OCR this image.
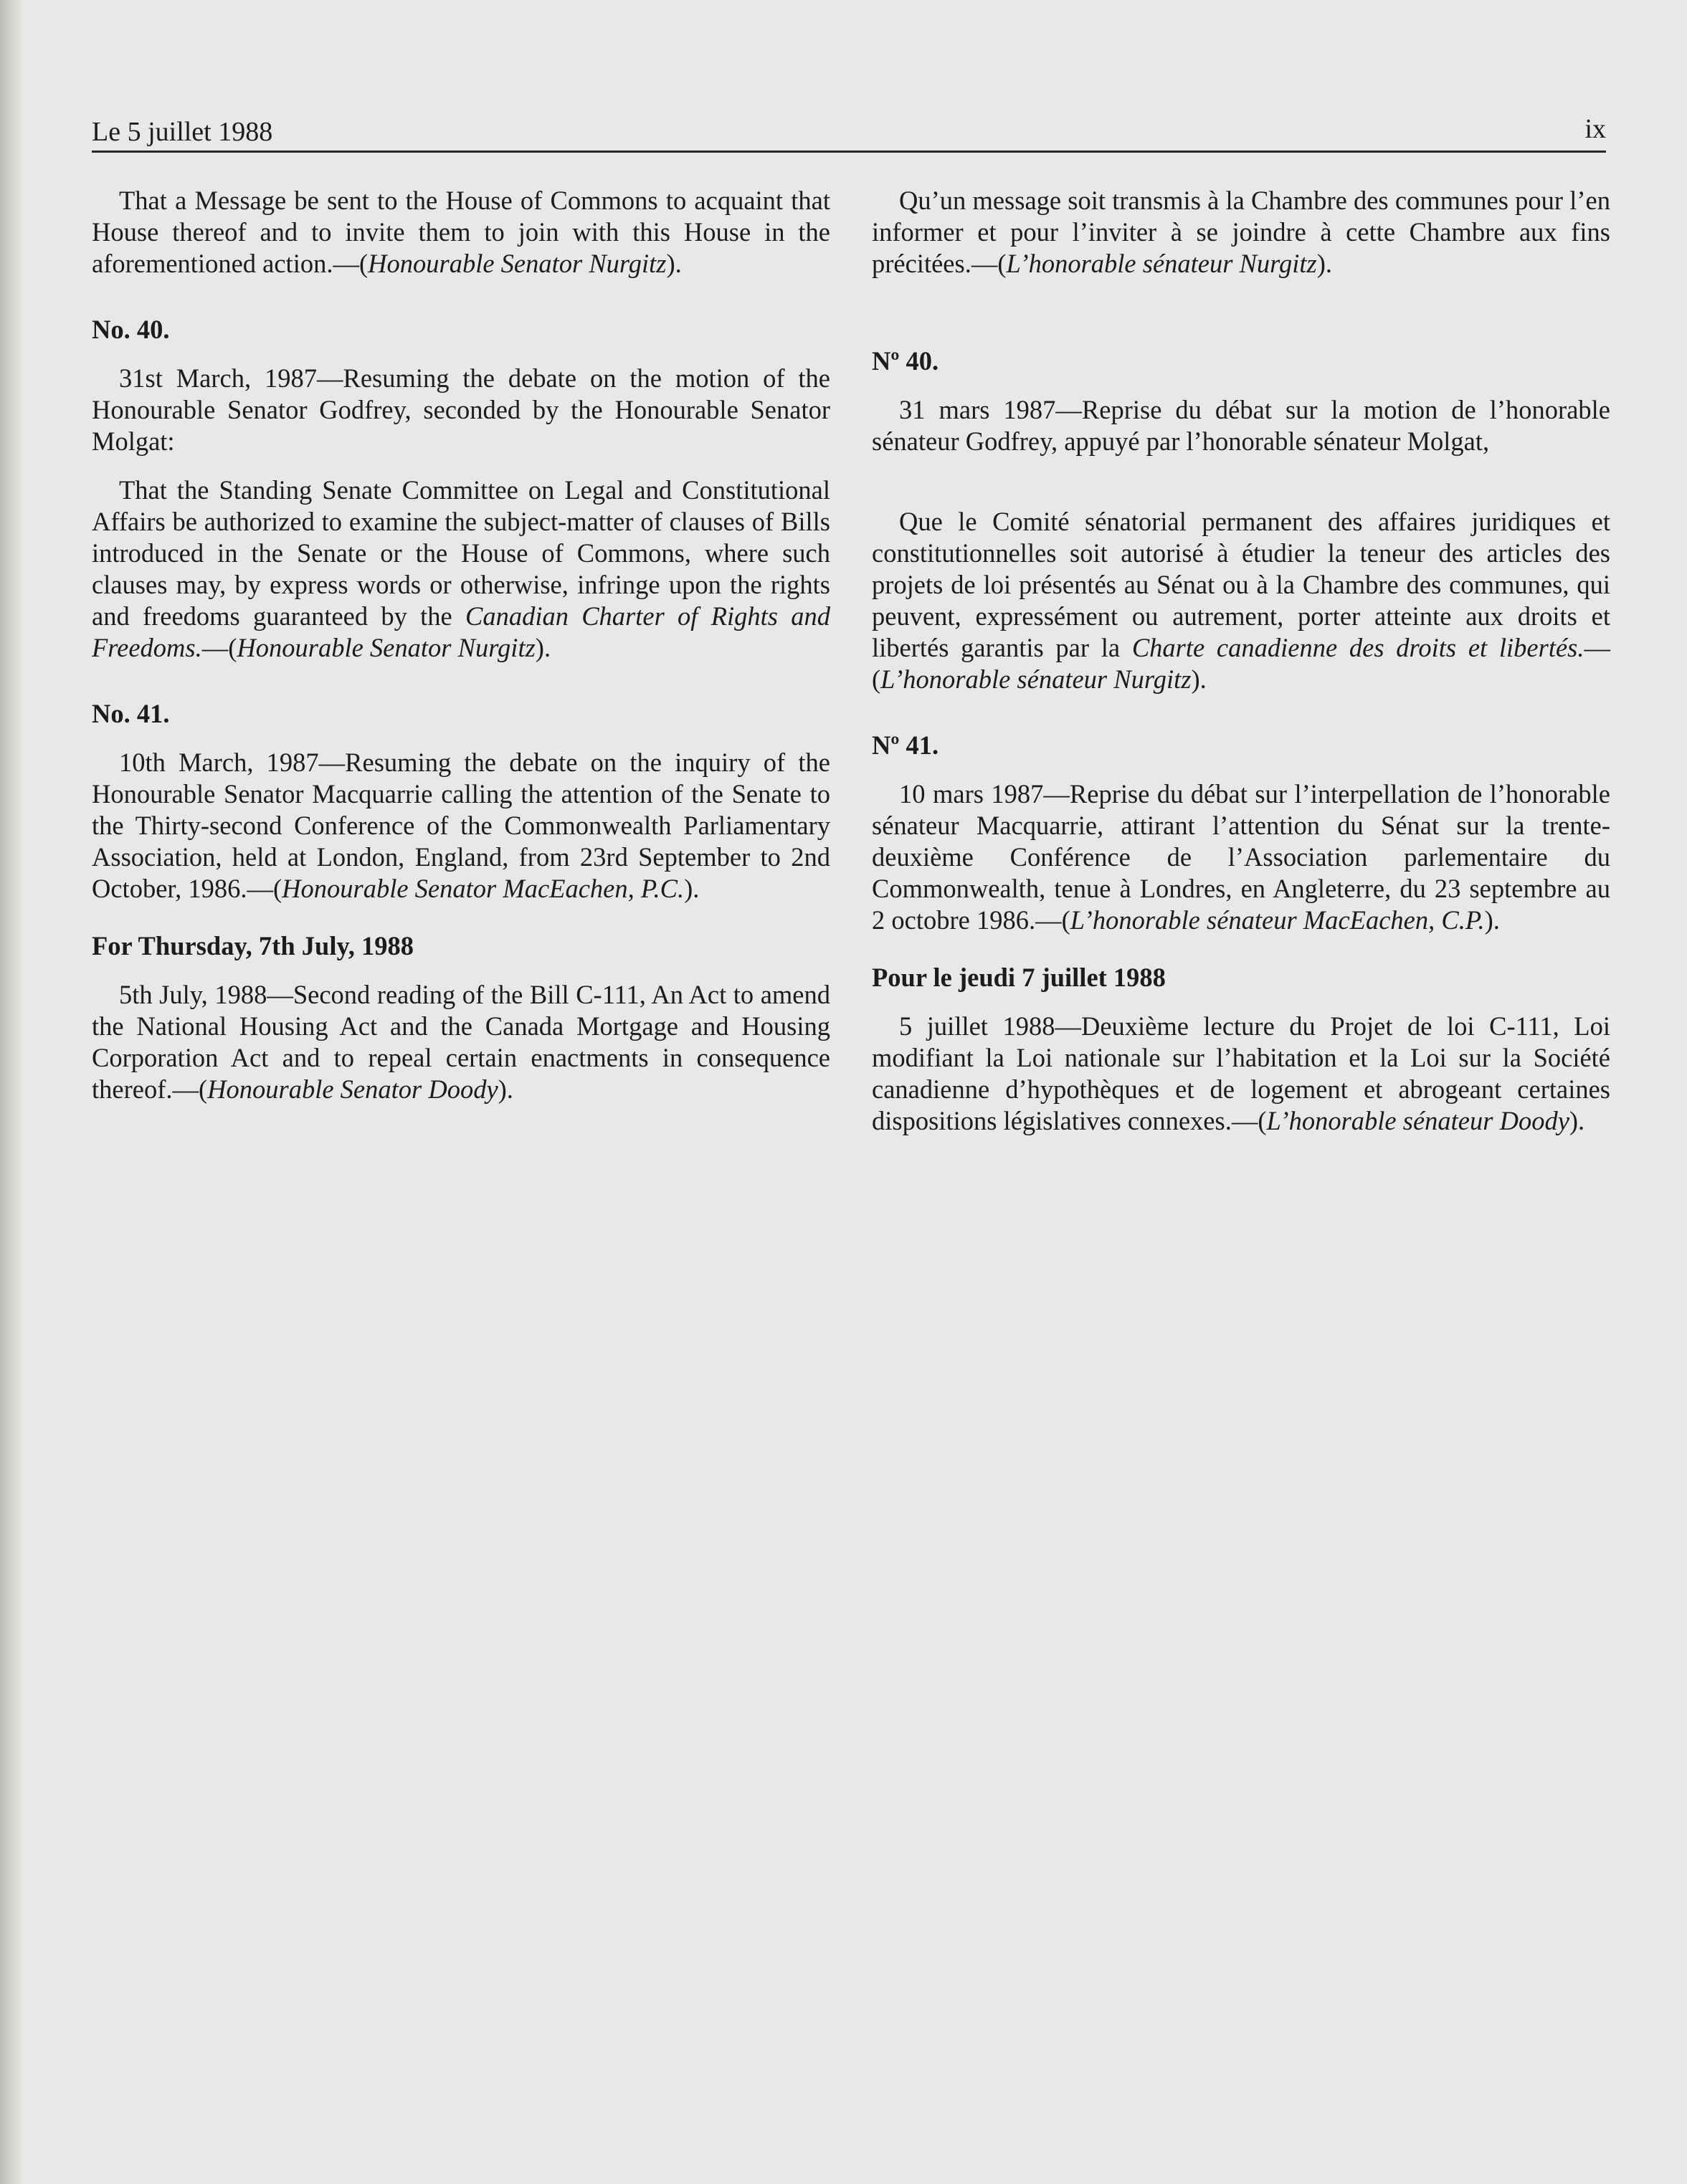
Le 5 juillet 1988	ix

That a Message be sent to the House of Commons to acquaint that House thereof and to invite them to join with this House in the aforementioned action.—(Honourable Senator Nurgitz).

No. 40.

31st March, 1987—Resuming the debate on the motion of the Honourable Senator Godfrey, seconded by the Honourable Senator Molgat:

That the Standing Senate Committee on Legal and Constitutional Affairs be authorized to examine the subject-matter of clauses of Bills introduced in the Senate or the House of Commons, where such clauses may, by express words or otherwise, infringe upon the rights and freedoms guaranteed by the Canadian Charter of Rights and Freedoms.—(Honourable Senator Nurgitz).

No. 41.

10th March, 1987—Resuming the debate on the inquiry of the Honourable Senator Macquarrie calling the attention of the Senate to the Thirty-second Conference of the Commonwealth Parliamentary Association, held at London, England, from 23rd September to 2nd October, 1986.—(Honourable Senator MacEachen, P.C.).

For Thursday, 7th July, 1988

5th July, 1988—Second reading of the Bill C-111, An Act to amend the National Housing Act and the Canada Mortgage and Housing Corporation Act and to repeal certain enactments in consequence thereof.—(Honourable Senator Doody).

Qu’un message soit transmis à la Chambre des communes pour l’en informer et pour l’inviter à se joindre à cette Chambre aux fins précitées.—(L’honorable sénateur Nurgitz).

Nº 40.

31 mars 1987—Reprise du débat sur la motion de l’honorable sénateur Godfrey, appuyé par l’honorable sénateur Molgat,

Que le Comité sénatorial permanent des affaires juridiques et constitutionnelles soit autorisé à étudier la teneur des articles des projets de loi présentés au Sénat ou à la Chambre des communes, qui peuvent, expressément ou autrement, porter atteinte aux droits et libertés garantis par la Charte canadienne des droits et libertés.—(L’honorable sénateur Nurgitz).

Nº 41.

10 mars 1987—Reprise du débat sur l’interpellation de l’honorable sénateur Macquarrie, attirant l’attention du Sénat sur la trente-deuxième Conférence de l’Association parlementaire du Commonwealth, tenue à Londres, en Angleterre, du 23 septembre au 2 octobre 1986.—(L’honorable sénateur MacEachen, C.P.).

Pour le jeudi 7 juillet 1988

5 juillet 1988—Deuxième lecture du Projet de loi C-111, Loi modifiant la Loi nationale sur l’habitation et la Loi sur la Société canadienne d’hypothèques et de logement et abrogeant certaines dispositions législatives connexes.—(L’honorable sénateur Doody).
